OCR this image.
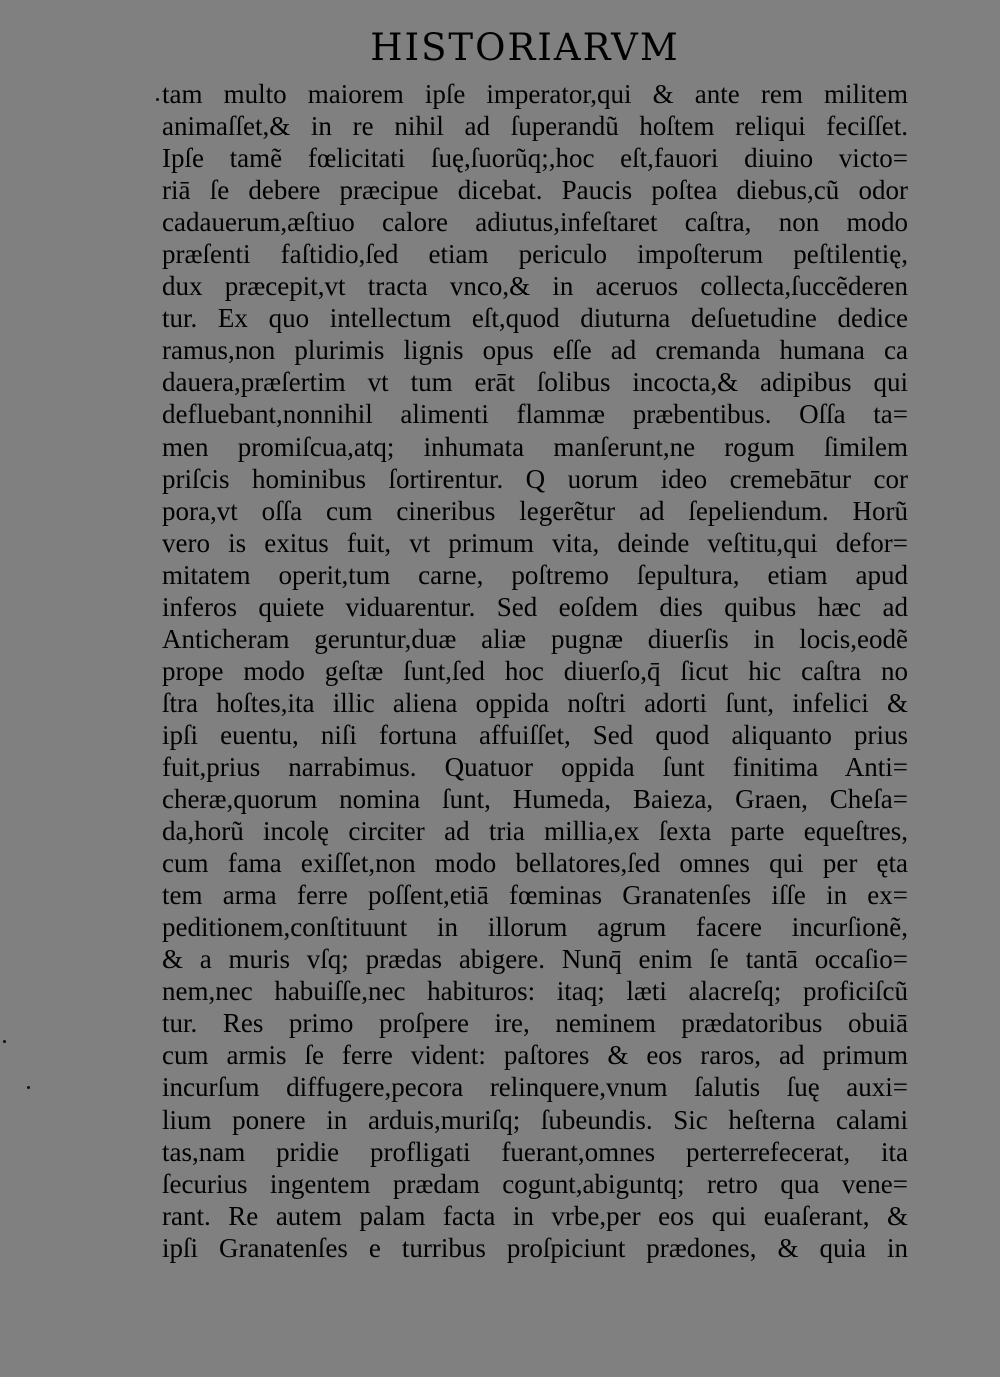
HISTORIARVM
tam multo maiorem ipſe imperator,qui & ante rem militem
animaſſet,& in re nihil ad ſuperandũ hoſtem reliqui feciſſet.
Ipſe tamẽ fœlicitati ſuę,ſuorũq;,hoc eſt,fauori diuino victo=
riā ſe debere præcipue dicebat. Paucis poſtea diebus,cũ odor
cadauerum,æſtiuo calore adiutus,infeſtaret caſtra, non modo
præſenti faſtidio,ſed etiam periculo impoſterum peſtilentię,
dux præcepit,vt tracta vnco,& in aceruos collecta,ſuccẽderen
tur. Ex quo intellectum eſt,quod diuturna deſuetudine dedice
ramus,non plurimis lignis opus eſſe ad cremanda humana ca
dauera,præſertim vt tum erāt ſolibus incocta,& adipibus qui
defluebant,nonnihil alimenti flammæ præbentibus. Oſſa ta=
men promiſcua,atq; inhumata manſerunt,ne rogum ſimilem
priſcis hominibus ſortirentur. Q uorum ideo cremebātur cor
pora,vt oſſa cum cineribus legerẽtur ad ſepeliendum. Horũ
vero is exitus fuit, vt primum vita, deinde veſtitu,qui defor=
mitatem operit,tum carne, poſtremo ſepultura, etiam apud
inferos quiete viduarentur. Sed eoſdem dies quibus hæc ad
Anticheram geruntur,duæ aliæ pugnæ diuerſis in locis,eodẽ
prope modo geſtæ ſunt,ſed hoc diuerſo,q̄ ſicut hic caſtra no
ſtra hoſtes,ita illic aliena oppida noſtri adorti ſunt, infelici &
ipſi euentu, niſi fortuna affuiſſet, Sed quod aliquanto prius
fuit,prius narrabimus. Quatuor oppida ſunt finitima Anti=
cheræ,quorum nomina ſunt, Humeda, Baieza, Graen, Cheſa=
da,horũ incolę circiter ad tria millia,ex ſexta parte equeſtres,
cum fama exiſſet,non modo bellatores,ſed omnes qui per ęta
tem arma ferre poſſent,etiā fœminas Granatenſes iſſe in ex=
peditionem,conſtituunt in illorum agrum facere incurſionẽ,
& a muris vſq; prædas abigere. Nunq̄ enim ſe tantā occaſio=
nem,nec habuiſſe,nec habituros: itaq; læti alacreſq; proficiſcũ
tur. Res primo proſpere ire, neminem prædatoribus obuiā
cum armis ſe ferre vident: paſtores & eos raros, ad primum
incurſum diffugere,pecora relinquere,vnum ſalutis ſuę auxi=
lium ponere in arduis,muriſq; ſubeundis. Sic heſterna calami
tas,nam pridie profligati fuerant,omnes perterrefecerat, ita
ſecurius ingentem prædam cogunt,abiguntq; retro qua vene=
rant. Re autem palam facta in vrbe,per eos qui euaſerant, &
ipſi Granatenſes e turribus proſpiciunt prædones, & quia in
